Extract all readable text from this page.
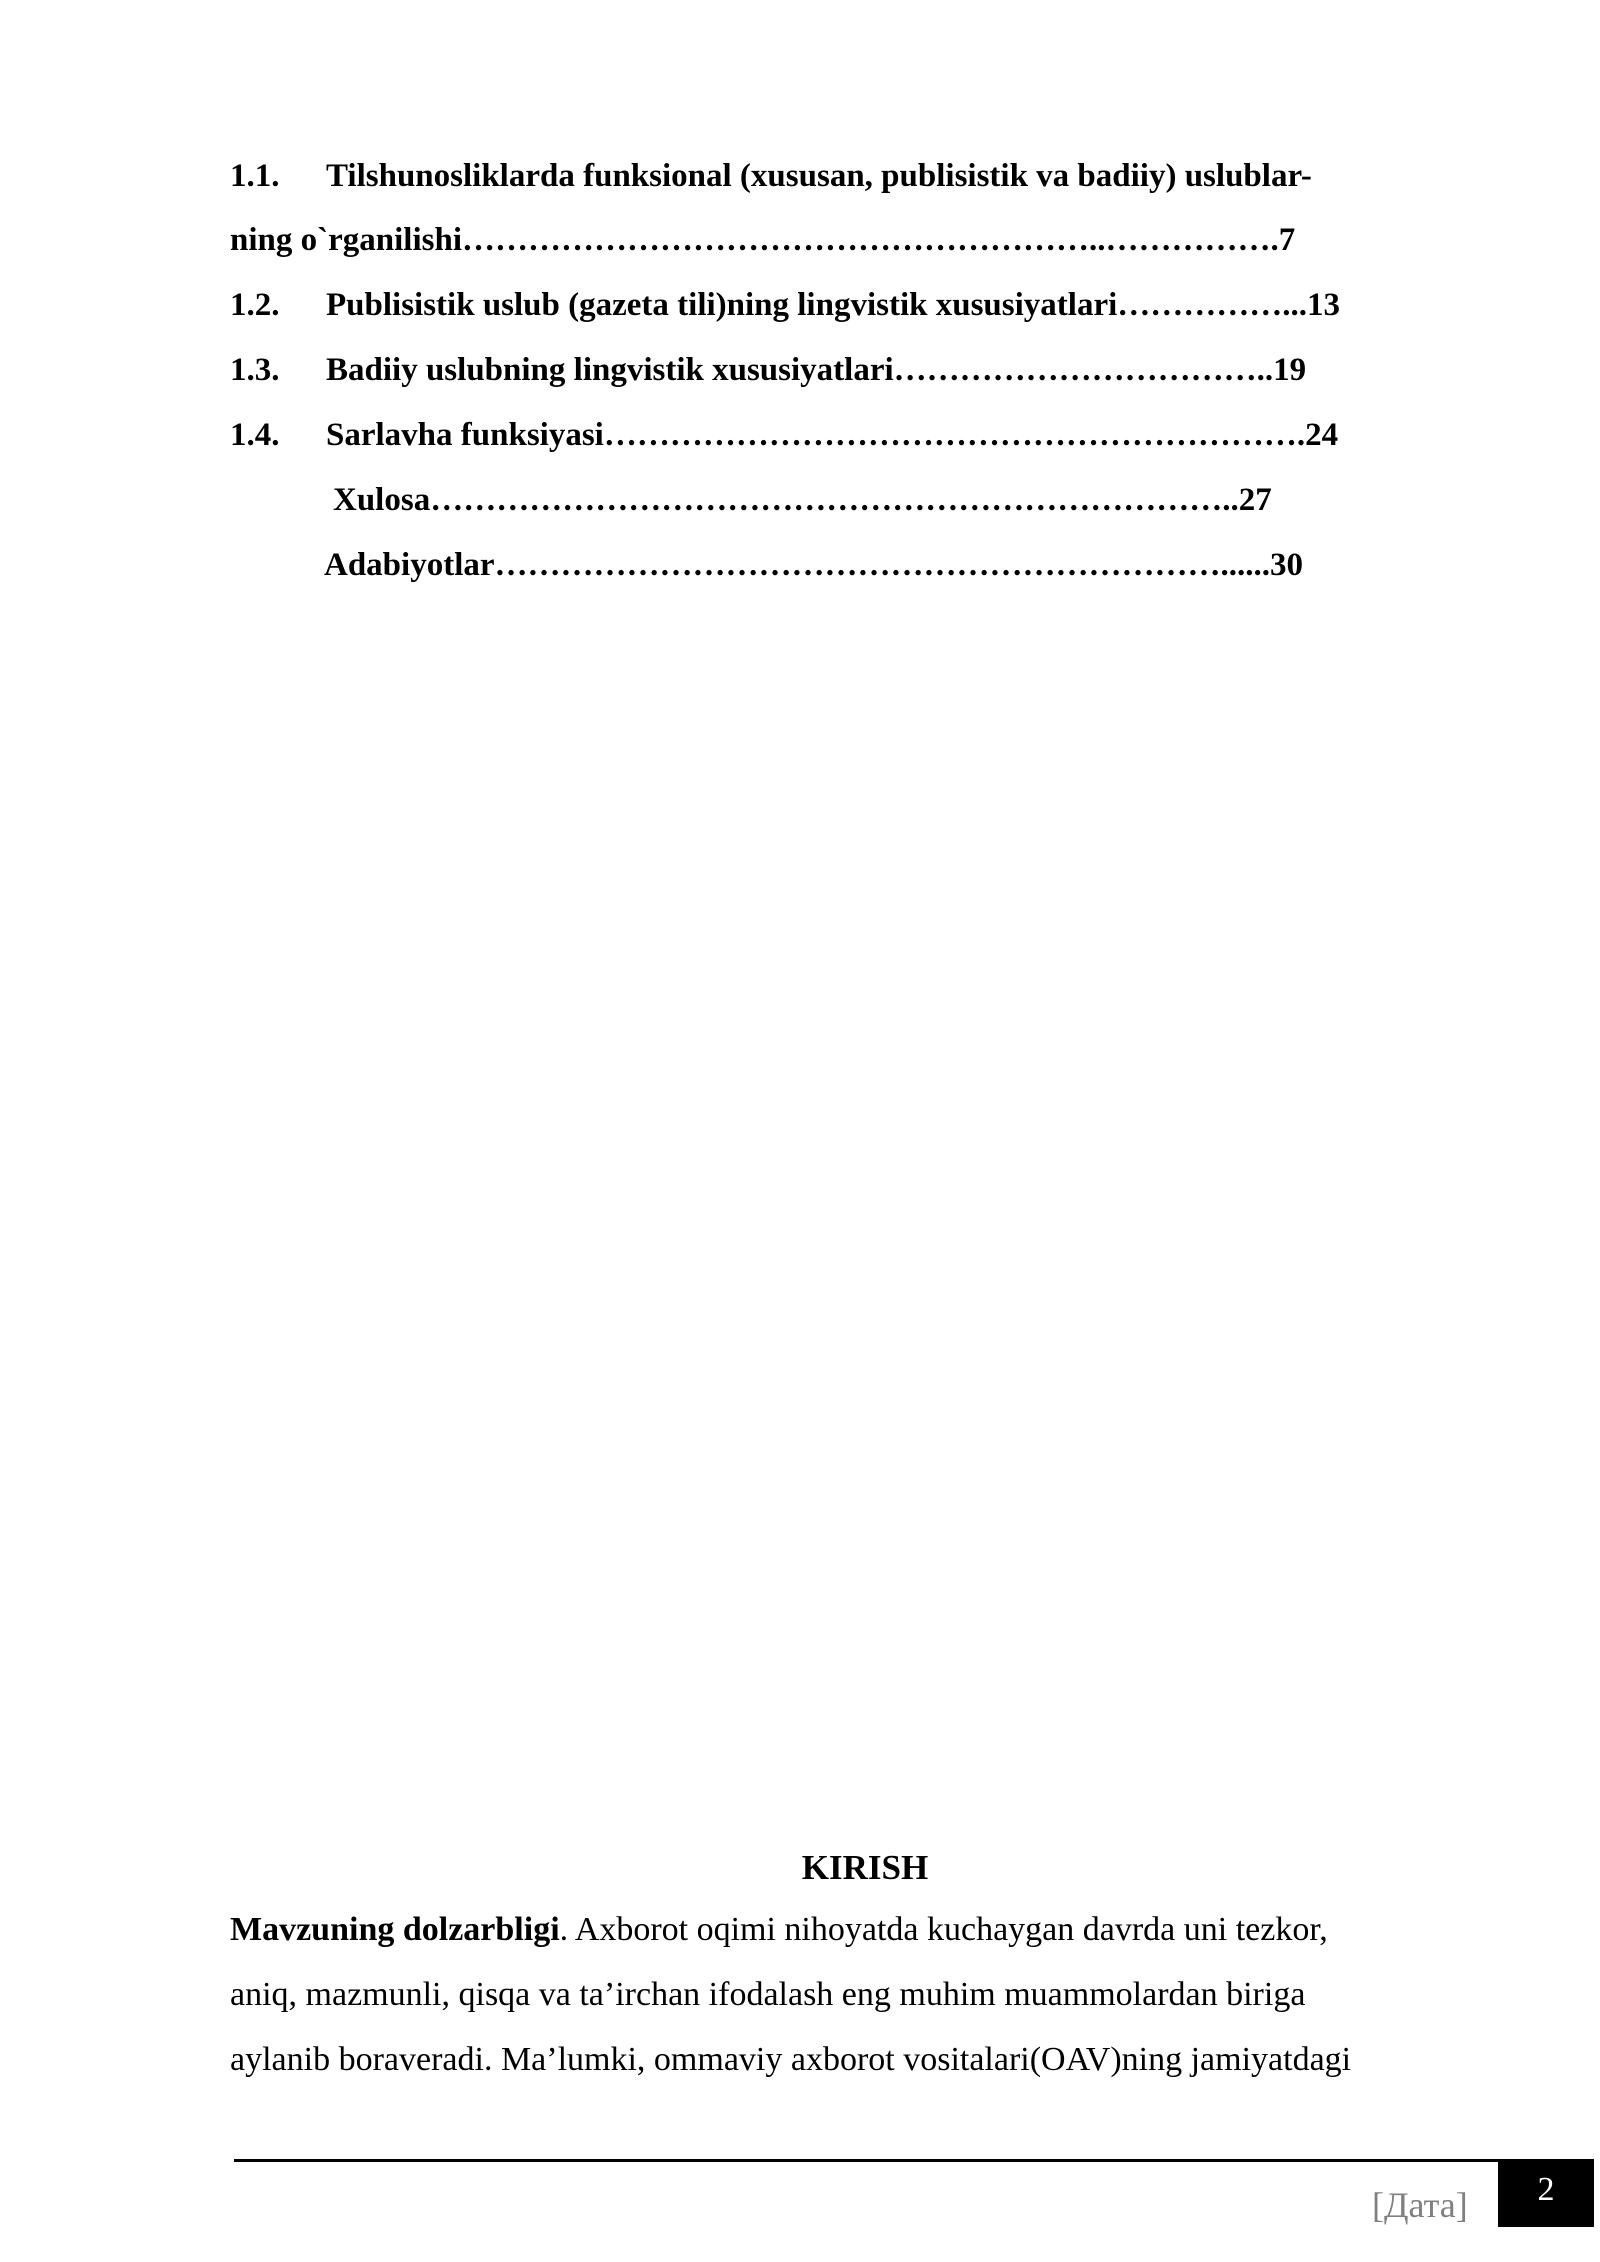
1.1. Tilshunosliklarda funksional (xususan, publisistik va badiiy) uslublar-
ning o`rganilishi…………………………………………………..…………….7
1.2. Publisistik uslub (gazeta tili)ning lingvistik xususiyatlari……………...13
1.3. Badiiy uslubning lingvistik xususiyatlari……………………………..19
1.4. Sarlavha funksiyasi……………………………………………………….24
Xulosa………………………………………………………………..27
Adabiyotlar…………………………………………………………......30
KIRISH
Mavzuning dolzarbligi. Axborot oqimi nihoyatda kuchaygan davrda uni tezkor,
aniq, mazmunli, qisqa va ta’irchan ifodalash eng muhim muammolardan biriga
aylanib boraveradi. Ma’lumki, ommaviy axborot vositalari(OAV)ning jamiyatdagi
[Дата]	2
